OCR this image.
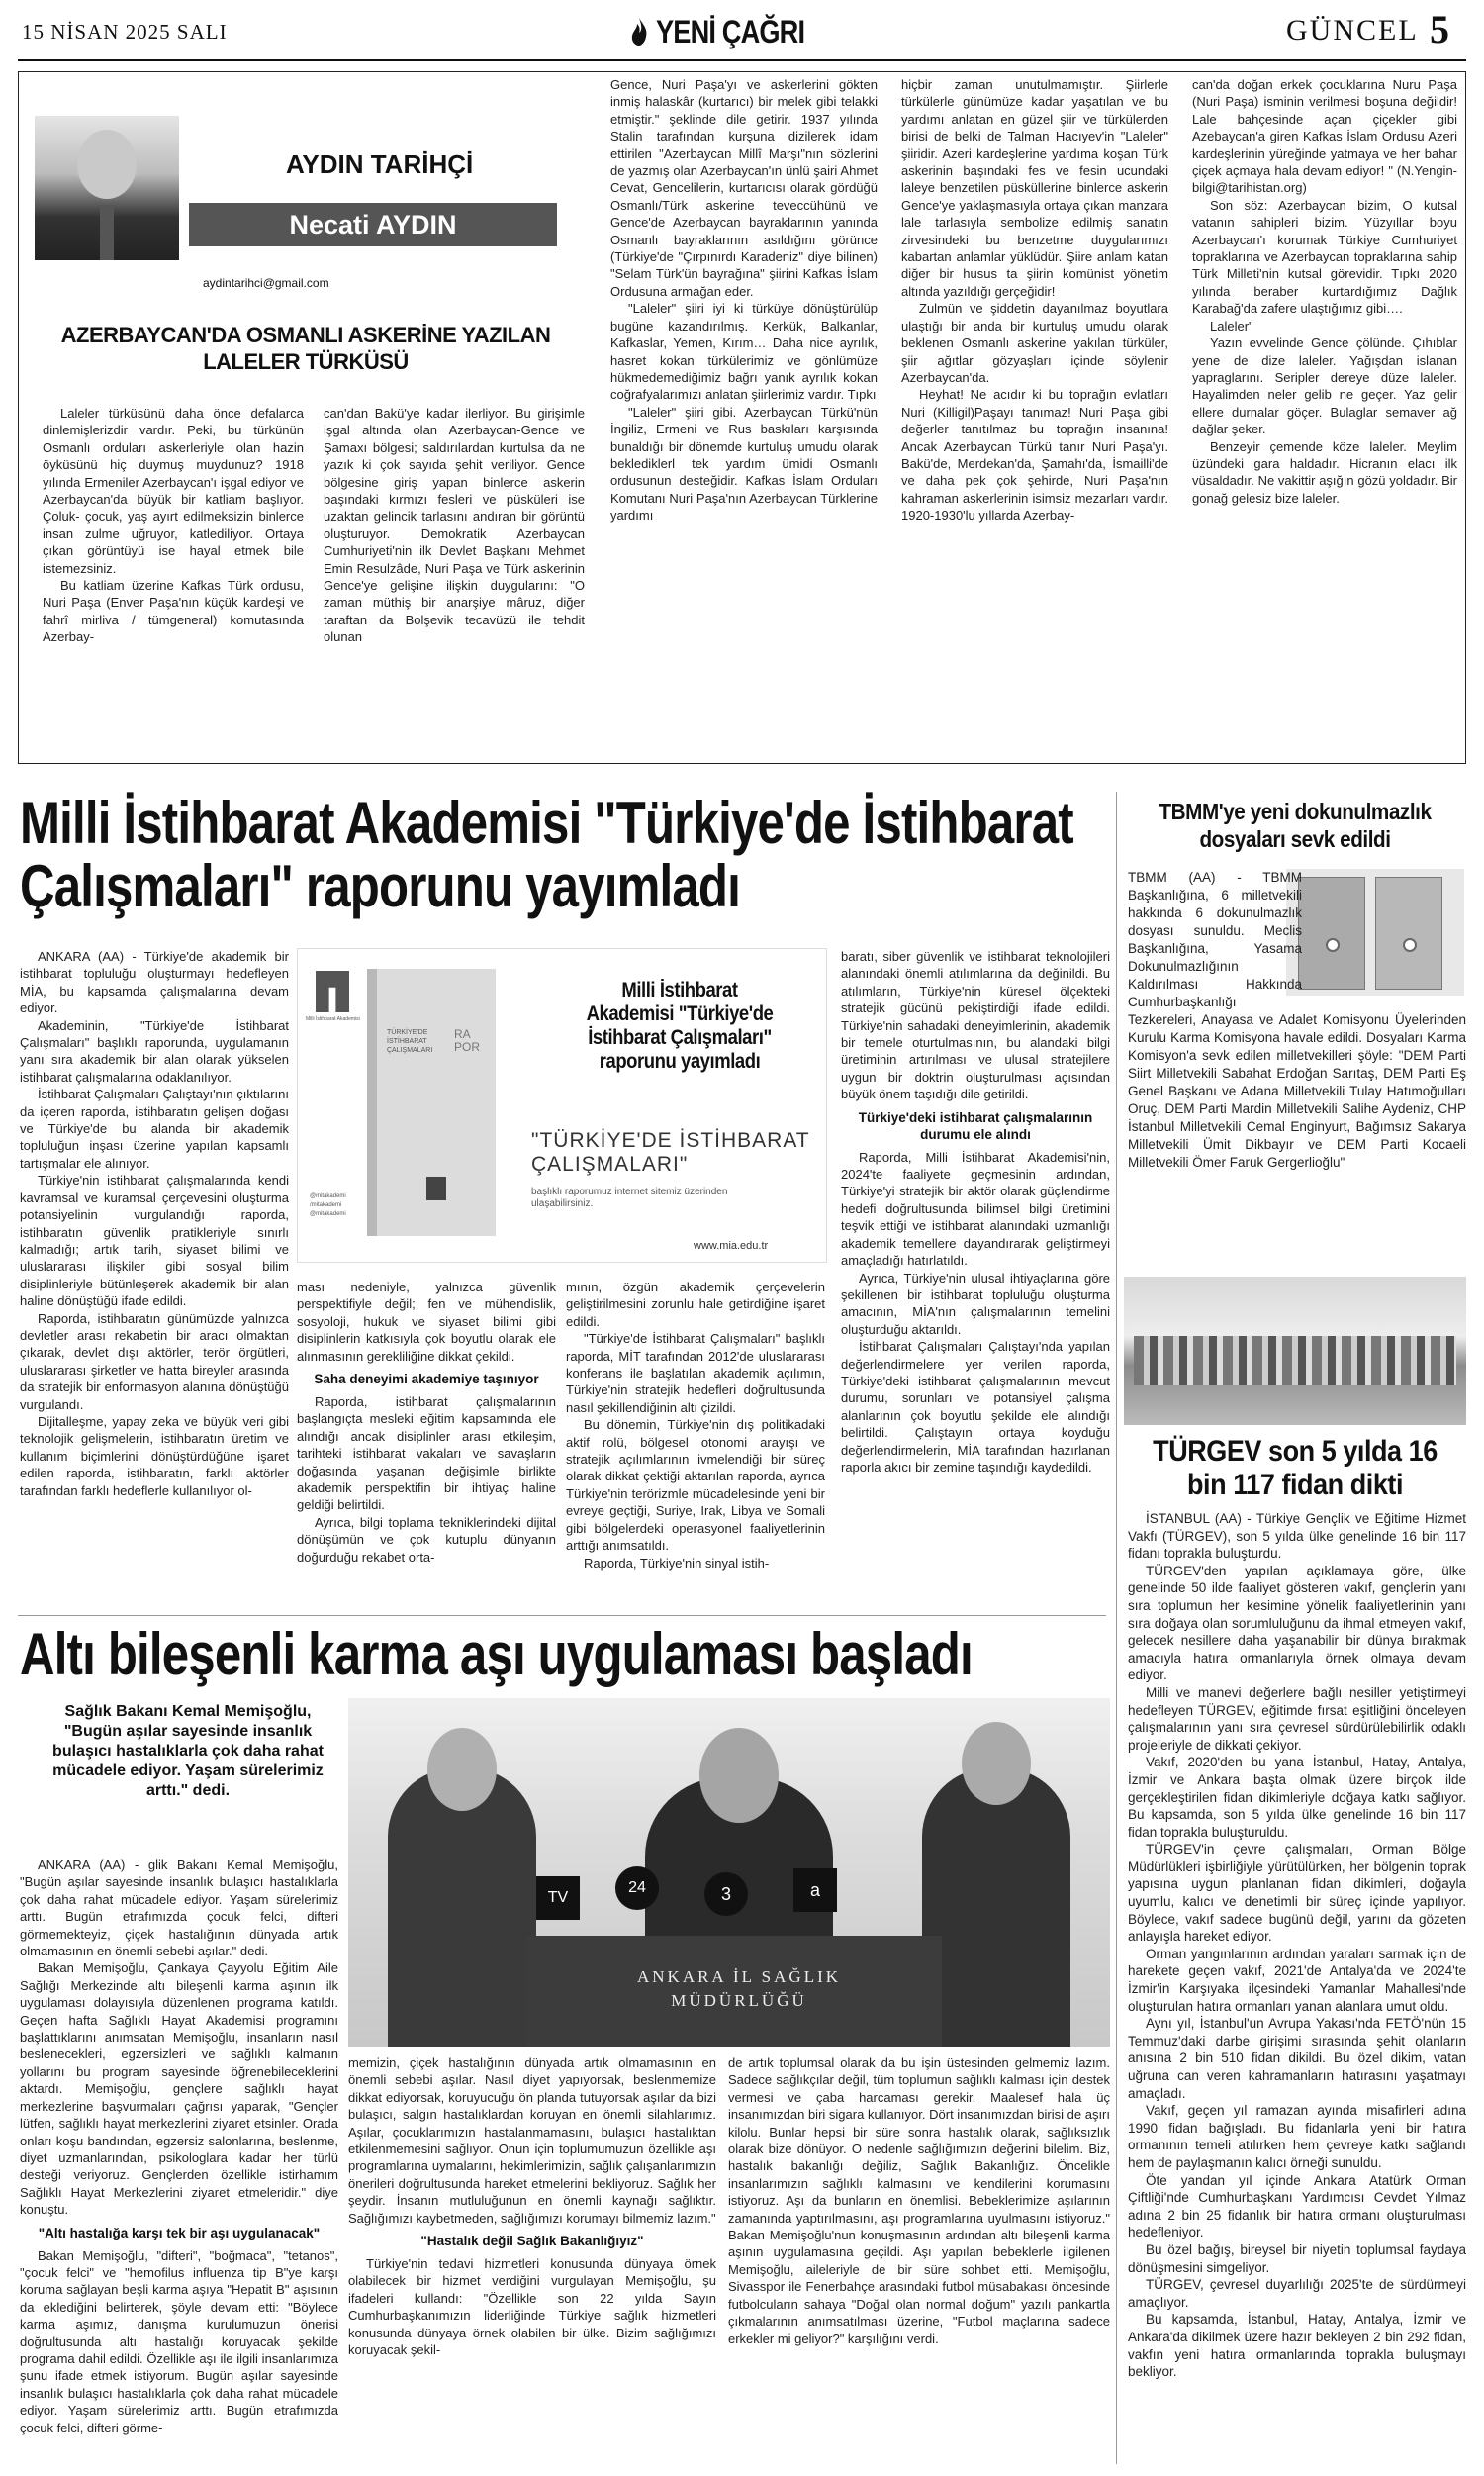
15 NİSAN 2025 SALI	YENİ ÇAĞRI	GÜNCEL 5
AYDIN TARİHÇİ
Necati AYDIN
aydintarihci@gmail.com
AZERBAYCAN'DA OSMANLI ASKERİNE YAZILAN LALELER TÜRKÜSÜ

Laleler türküsünü daha önce defalarca dinlemişlerizdir vardır. Peki, bu türkünün Osmanlı orduları askerleriyle olan hazin öyküsünü hiç duymuş muydunuz? 1918 yılında Ermeniler Azerbaycan'ı işgal ediyor ve Azerbaycan'da büyük bir katliam başlıyor. Çoluk- çocuk, yaş ayırt edilmeksizin binlerce insan zulme uğruyor, katlediliyor. Ortaya çıkan görüntüyü ise hayal etmek bile istemezsiniz.

Bu katliam üzerine Kafkas Türk ordusu, Nuri Paşa (Enver Paşa'nın küçük kardeşi ve fahrî mirliva / tümgeneral) komutasında Azerbay-

can'dan Bakü'ye kadar ilerliyor. Bu girişimle işgal altında olan Azerbaycan-Gence ve Şamaxı bölgesi; saldırılardan kurtulsa da ne yazık ki çok sayıda şehit veriliyor. Gence bölgesine giriş yapan binlerce askerin başındaki kırmızı fesleri ve püsküleri ise uzaktan gelincik tarlasını andıran bir görüntü oluşturuyor. Demokratik Azerbaycan Cumhuriyeti'nin ilk Devlet Başkanı Mehmet Emin Resulzâde, Nuri Paşa ve Türk askerinin Gence'ye gelişine ilişkin duygularını: "O zaman müthiş bir anarşiye mâruz, diğer taraftan da Bolşevik tecavüzü ile tehdit olunan

Gence, Nuri Paşa'yı ve askerlerini gökten inmiş halaskâr (kurtarıcı) bir melek gibi telakki etmiştir." şeklinde dile getirir. 1937 yılında Stalin tarafından kurşuna dizilerek idam ettirilen "Azerbaycan Millî Marşı"nın sözlerini de yazmış olan Azerbaycan'ın ünlü şairi Ahmet Cevat, Gencelilerin, kurtarıcısı olarak gördüğü Osmanlı/Türk askerine teveccühünü ve Gence'de Azerbaycan bayraklarının yanında Osmanlı bayraklarının asıldığını görünce (Türkiye'de "Çırpınırdı Karadeniz" diye bilinen) "Selam Türk'ün bayrağına" şiirini Kafkas İslam Ordusuna armağan eder.

"Laleler" şiiri iyi ki türküye dönüştürülüp bugüne kazandırılmış. Kerkük, Balkanlar, Kafkaslar, Yemen, Kırım… Daha nice ayrılık, hasret kokan türkülerimiz ve gönlümüze hükmedemediğimiz bağrı yanık ayrılık kokan coğrafyalarımızı anlatan şiirlerimiz vardır. Tıpkı

"Laleler" şiiri gibi. Azerbaycan Türkü'nün İngiliz, Ermeni ve Rus baskıları karşısında bunaldığı bir dönemde kurtuluş umudu olarak beklediklerl tek yardım ümidi Osmanlı ordusunun desteğidir. Kafkas İslam Orduları Komutanı Nuri Paşa'nın Azerbaycan Türklerine yardımı

hiçbir zaman unutulmamıştır. Şiirlerle türkülerle günümüze kadar yaşatılan ve bu yardımı anlatan en güzel şiir ve türkülerden birisi de belki de Talman Hacıyev'in "Laleler" şiiridir. Azeri kardeşlerine yardıma koşan Türk askerinin başındaki fes ve fesin ucundaki laleye benzetilen püsküllerine binlerce askerin Gence'ye yaklaşmasıyla ortaya çıkan manzara lale tarlasıyla sembolize edilmiş sanatın zirvesindeki bu benzetme duygularımızı kabartan anlamlar yüklüdür. Şiire anlam katan diğer bir husus ta şiirin komünist yönetim altında yazıldığı gerçeğidir!

Zulmün ve şiddetin dayanılmaz boyutlara ulaştığı bir anda bir kurtuluş umudu olarak beklenen Osmanlı askerine yakılan türküler, şiir ağıtlar gözyaşları içinde söylenir Azerbaycan'da.

Heyhat! Ne acıdır ki bu toprağın evlatları Nuri (Killigil)Paşayı tanımaz! Nuri Paşa gibi değerler tanıtılmaz bu toprağın insanına! Ancak Azerbaycan Türkü tanır Nuri Paşa'yı. Bakü'de, Merdekan'da, Şamahı'da, İsmailli'de ve daha pek çok şehirde, Nuri Paşa'nın kahraman askerlerinin isimsiz mezarları vardır. 1920-1930'lu yıllarda Azerbay-

can'da doğan erkek çocuklarına Nuru Paşa (Nuri Paşa) isminin verilmesi boşuna değildir! Lale bahçesinde açan çiçekler gibi Azebaycan'a giren Kafkas İslam Ordusu Azeri kardeşlerinin yüreğinde yatmaya ve her bahar çiçek açmaya hala devam ediyor! " (N.Yengin-bilgi@tarihistan.org)

Son söz: Azerbaycan bizim, O kutsal vatanın sahipleri bizim. Yüzyıllar boyu Azerbaycan'ı korumak Türkiye Cumhuriyet topraklarına ve Azerbaycan topraklarına sahip Türk Milleti'nin kutsal görevidir. Tıpkı 2020 yılında beraber kurtardığımız Dağlık Karabağ'da zafere ulaştığımız gibi….

Laleler"

Yazın evvelinde Gence çölünde. Çıhıblar yene de dize laleler. Yağışdan islanan yapraglarını. Seripler dereye düze laleler. Hayalimden neler gelib ne geçer. Yaz gelir ellere durnalar göçer. Bulaglar semaver ağ dağlar şeker.

Benzeyir çemende köze laleler. Meylim üzündeki gara haldadır. Hicranın elacı ilk vüsaldadır. Ne vakittir aşığın gözü yoldadır. Bir gonağ gelesiz bize laleler.

Milli İstihbarat Akademisi "Türkiye'de İstihbarat Çalışmaları" raporunu yayımladı

ANKARA (AA) - Türkiye'de akademik bir istihbarat topluluğu oluşturmayı hedefleyen MİA, bu kapsamda çalışmalarına devam ediyor.

Akademinin, "Türkiye'de İstihbarat Çalışmaları" başlıklı raporunda, uygulamanın yanı sıra akademik bir alan olarak yükselen istihbarat çalışmalarına odaklanılıyor.

İstihbarat Çalışmaları Çalıştayı'nın çıktılarını da içeren raporda, istihbaratın gelişen doğası ve Türkiye'de bu alanda bir akademik topluluğun inşası üzerine yapılan kapsamlı tartışmalar ele alınıyor.

Türkiye'nin istihbarat çalışmalarında kendi kavramsal ve kuramsal çerçevesini oluşturma potansiyelinin vurgulandığı raporda, istihbaratın güvenlik pratikleriyle sınırlı kalmadığı; artık tarih, siyaset bilimi ve uluslararası ilişkiler gibi sosyal bilim disiplinleriyle bütünleşerek akademik bir alan haline dönüştüğü ifade edildi.

Raporda, istihbaratın günümüzde yalnızca devletler arası rekabetin bir aracı olmaktan çıkarak, devlet dışı aktörler, terör örgütleri, uluslararası şirketler ve hatta bireyler arasında da stratejik bir enformasyon alanına dönüştüğü vurgulandı.

Dijitalleşme, yapay zeka ve büyük veri gibi teknolojik gelişmelerin, istihbaratın üretim ve kullanım biçimlerini dönüştürdüğüne işaret edilen raporda, istihbaratın, farklı aktörler tarafından farklı hedeflerle kullanılıyor ol-

TÜRKİYE'DE İSTİHBARAT ÇALIŞMALARI
RA POR
Milli İstihbarat Akademisi
@mitakademi
/mitakademi
@mitakademi
Milli İstihbarat Akademisi "Türkiye'de İstihbarat Çalışmaları" raporunu yayımladı
"TÜRKİYE'DE İSTİHBARAT ÇALIŞMALARI"
başlıklı raporumuz internet sitemiz üzerinden ulaşabilirsiniz.
www.mia.edu.tr

ması nedeniyle, yalnızca güvenlik perspektifiyle değil; fen ve mühendislik, sosyoloji, hukuk ve siyaset bilimi gibi disiplinlerin katkısıyla çok boyutlu olarak ele alınmasının gerekliliğine dikkat çekildi.

Saha deneyimi akademiye taşınıyor

Raporda, istihbarat çalışmalarının başlangıçta mesleki eğitim kapsamında ele alındığı ancak disiplinler arası etkileşim, tarihteki istihbarat vakaları ve savaşların doğasında yaşanan değişimle birlikte akademik perspektifin bir ihtiyaç haline geldiği belirtildi.

Ayrıca, bilgi toplama tekniklerindeki dijital dönüşümün ve çok kutuplu dünyanın doğurduğu rekabet orta-

mının, özgün akademik çerçevelerin geliştirilmesini zorunlu hale getirdiğine işaret edildi.

"Türkiye'de İstihbarat Çalışmaları" başlıklı raporda, MİT tarafından 2012'de uluslararası konferans ile başlatılan akademik açılımın, Türkiye'nin stratejik hedefleri doğrultusunda nasıl şekillendiğinin altı çizildi.

Bu dönemin, Türkiye'nin dış politikadaki aktif rolü, bölgesel otonomi arayışı ve stratejik açılımlarının ivmelendiği bir süreç olarak dikkat çektiği aktarılan raporda, ayrıca Türkiye'nin terörizmle mücadelesinde yeni bir evreye geçtiği, Suriye, Irak, Libya ve Somali gibi bölgelerdeki operasyonel faaliyetlerinin arttığı anımsatıldı.

Raporda, Türkiye'nin sinyal istih-

baratı, siber güvenlik ve istihbarat teknolojileri alanındaki önemli atılımlarına da değinildi. Bu atılımların, Türkiye'nin küresel ölçekteki stratejik gücünü pekiştirdiği ifade edildi. Türkiye'nin sahadaki deneyimlerinin, akademik bir temele oturtulmasının, bu alandaki bilgi üretiminin artırılması ve ulusal stratejilere uygun bir doktrin oluşturulması açısından büyük önem taşıdığı dile getirildi.

Türkiye'deki istihbarat çalışmalarının durumu ele alındı

Raporda, Milli İstihbarat Akademisi'nin, 2024'te faaliyete geçmesinin ardından, Türkiye'yi stratejik bir aktör olarak güçlendirme hedefi doğrultusunda bilimsel bilgi üretimini teşvik ettiği ve istihbarat alanındaki uzmanlığı akademik temellere dayandırarak geliştirmeyi amaçladığı hatırlatıldı.

Ayrıca, Türkiye'nin ulusal ihtiyaçlarına göre şekillenen bir istihbarat topluluğu oluşturma amacının, MİA'nın çalışmalarının temelini oluşturduğu aktarıldı.

İstihbarat Çalışmaları Çalıştayı'nda yapılan değerlendirmelere yer verilen raporda, Türkiye'deki istihbarat çalışmalarının mevcut durumu, sorunları ve potansiyel çalışma alanlarının çok boyutlu şekilde ele alındığı belirtildi. Çalıştayın ortaya koyduğu değerlendirmelerin, MİA tarafından hazırlanan raporla akıcı bir zemine taşındığı kaydedildi.

TBMM'ye yeni dokunulmazlık dosyaları sevk edildi
TBMM (AA) - TBMM Başkanlığına, 6 milletvekili hakkında 6 dokunulmazlık dosyası sunuldu. Meclis Başkanlığına, Yasama Dokunulmazlığının Kaldırılması Hakkında Cumhurbaşkanlığı Tezkereleri, Anayasa ve Adalet Komisyonu Üyelerinden Kurulu Karma Komisyona havale edildi. Dosyaları Karma Komisyon'a sevk edilen milletvekilleri şöyle: "DEM Parti Siirt Milletvekili Sabahat Erdoğan Sarıtaş, DEM Parti Eş Genel Başkanı ve Adana Milletvekili Tulay Hatımoğulları Oruç, DEM Parti Mardin Milletvekili Salihe Aydeniz, CHP İstanbul Milletvekili Cemal Enginyurt, Bağımsız Sakarya Milletvekili Ümit Dikbayır ve DEM Parti Kocaeli Milletvekili Ömer Faruk Gergerlioğlu"
TÜRGEV son 5 yılda 16 bin 117 fidan dikti

İSTANBUL (AA) - Türkiye Gençlik ve Eğitime Hizmet Vakfı (TÜRGEV), son 5 yılda ülke genelinde 16 bin 117 fidanı toprakla buluşturdu.

TÜRGEV'den yapılan açıklamaya göre, ülke genelinde 50 ilde faaliyet gösteren vakıf, gençlerin yanı sıra toplumun her kesimine yönelik faaliyetlerinin yanı sıra doğaya olan sorumluluğunu da ihmal etmeyen vakıf, gelecek nesillere daha yaşanabilir bir dünya bırakmak amacıyla hatıra ormanlarıyla örnek olmaya devam ediyor.

Milli ve manevi değerlere bağlı nesiller yetiştirmeyi hedefleyen TÜRGEV, eğitimde fırsat eşitliğini önceleyen çalışmalarının yanı sıra çevresel sürdürülebilirlik odaklı projeleriyle de dikkati çekiyor.

Vakıf, 2020'den bu yana İstanbul, Hatay, Antalya, İzmir ve Ankara başta olmak üzere birçok ilde gerçekleştirilen fidan dikimleriyle doğaya katkı sağlıyor. Bu kapsamda, son 5 yılda ülke genelinde 16 bin 117 fidan toprakla buluşturuldu.

TÜRGEV'in çevre çalışmaları, Orman Bölge Müdürlükleri işbirliğiyle yürütülürken, her bölgenin toprak yapısına uygun planlanan fidan dikimleri, doğayla uyumlu, kalıcı ve denetimli bir süreç içinde yapılıyor. Böylece, vakıf sadece bugünü değil, yarını da gözeten anlayışla hareket ediyor.

Orman yangınlarının ardından yaraları sarmak için de harekete geçen vakıf, 2021'de Antalya'da ve 2024'te İzmir'in Karşıyaka ilçesindeki Yamanlar Mahallesi'nde oluşturulan hatıra ormanları yanan alanlara umut oldu.

Aynı yıl, İstanbul'un Avrupa Yakası'nda FETÖ'nün 15 Temmuz'daki darbe girişimi sırasında şehit olanların anısına 2 bin 510 fidan dikildi. Bu özel dikim, vatan uğruna can veren kahramanların hatırasını yaşatmayı amaçladı.

Vakıf, geçen yıl ramazan ayında misafirleri adına 1990 fidan bağışladı. Bu fidanlarla yeni bir hatıra ormanının temeli atılırken hem çevreye katkı sağlandı hem de paylaşmanın kalıcı örneği sunuldu.

Öte yandan yıl içinde Ankara Atatürk Orman Çiftliği'nde Cumhurbaşkanı Yardımcısı Cevdet Yılmaz adına 2 bin 25 fidanlık bir hatıra ormanı oluşturulması hedefleniyor.

Bu özel bağış, bireysel bir niyetin toplumsal faydaya dönüşmesini simgeliyor.

TÜRGEV, çevresel duyarlılığı 2025'te de sürdürmeyi amaçlıyor.

Bu kapsamda, İstanbul, Hatay, Antalya, İzmir ve Ankara'da dikilmek üzere hazır bekleyen 2 bin 292 fidan, vakfın yeni hatıra ormanlarında toprakla buluşmayı bekliyor.

Altı bileşenli karma aşı uygulaması başladı
Sağlık Bakanı Kemal Memişoğlu, "Bugün aşılar sayesinde insanlık bulaşıcı hastalıklarla çok daha rahat mücadele ediyor. Yaşam sürelerimiz arttı." dedi.
TV
24	3	a
ANKARA İL SAĞLIK MÜDÜRLÜĞÜ

ANKARA (AA) - glik Bakanı Kemal Memişoğlu, "Bugün aşılar sayesinde insanlık bulaşıcı hastalıklarla çok daha rahat mücadele ediyor. Yaşam sürelerimiz arttı. Bugün etrafımızda çocuk felci, difteri görmemekteyiz, çiçek hastalığının dünyada artık olmamasının en önemli sebebi aşılar." dedi.

Bakan Memişoğlu, Çankaya Çayyolu Eğitim Aile Sağlığı Merkezinde altı bileşenli karma aşının ilk uygulaması dolayısıyla düzenlenen programa katıldı. Geçen hafta Sağlıklı Hayat Akademisi programını başlattıklarını anımsatan Memişoğlu, insanların nasıl beslenecekleri, egzersizleri ve sağlıklı kalmanın yollarını bu program sayesinde öğrenebileceklerini aktardı. Memişoğlu, gençlere sağlıklı hayat merkezlerine başvurmaları çağrısı yaparak, "Gençler lütfen, sağlıklı hayat merkezlerini ziyaret etsinler. Orada onları koşu bandından, egzersiz salonlarına, beslenme, diyet uzmanlarından, psikologlara kadar her türlü desteği veriyoruz. Gençlerden özellikle istirhamım Sağlıklı Hayat Merkezlerini ziyaret etmeleridir." diye konuştu.

"Altı hastalığa karşı tek bir aşı uygulanacak"

Bakan Memişoğlu, "difteri", "boğmaca", "tetanos", "çocuk felci" ve "hemofilus influenza tip B"ye karşı koruma sağlayan beşli karma aşıya "Hepatit B" aşısının da eklediğini belirterek, şöyle devam etti: "Böylece karma aşımız, danışma kurulumuzun önerisi doğrultusunda altı hastalığı koruyacak şekilde programa dahil edildi. Özellikle aşı ile ilgili insanlarımıza şunu ifade etmek istiyorum. Bugün aşılar sayesinde insanlık bulaşıcı hastalıklarla çok daha rahat mücadele ediyor. Yaşam sürelerimiz arttı. Bugün etrafımızda çocuk felci, difteri görme-

memizin, çiçek hastalığının dünyada artık olmamasının en önemli sebebi aşılar. Nasıl diyet yapıyorsak, beslenmemize dikkat ediyorsak, koruyucuğu ön planda tutuyorsak aşılar da bizi bulaşıcı, salgın hastalıklardan koruyan en önemli silahlarımız. Aşılar, çocuklarımızın hastalanmamasını, bulaşıcı hastalıktan etkilenmemesini sağlıyor. Onun için toplumumuzun özellikle aşı programlarına uymalarını, hekimlerimizin, sağlık çalışanlarımızın önerileri doğrultusunda hareket etmelerini bekliyoruz. Sağlık her şeydir. İnsanın mutluluğunun en önemli kaynağı sağlıktır. Sağlığımızı kaybetmeden, sağlığımızı korumayı bilmemiz lazım."

"Hastalık değil Sağlık Bakanlığıyız"

Türkiye'nin tedavi hizmetleri konusunda dünyaya örnek olabilecek bir hizmet verdiğini vurgulayan Memişoğlu, şu ifadeleri kullandı: "Özellikle son 22 yılda Sayın Cumhurbaşkanımızın liderliğinde Türkiye sağlık hizmetleri konusunda dünyaya örnek olabilen bir ülke. Bizim sağlığımızı koruyacak şekil-

de artık toplumsal olarak da bu işin üstesinden gelmemiz lazım. Sadece sağlıkçılar değil, tüm toplumun sağlıklı kalması için destek vermesi ve çaba harcaması gerekir. Maalesef hala üç insanımızdan biri sigara kullanıyor. Dört insanımızdan birisi de aşırı kilolu. Bunlar hepsi bir süre sonra hastalık olarak, sağlıksızlık olarak bize dönüyor. O nedenle sağlığımızın değerini bilelim. Biz, hastalık bakanlığı değiliz, Sağlık Bakanlığız. Öncelikle insanlarımızın sağlıklı kalmasını ve kendilerini korumasını istiyoruz. Aşı da bunların en önemlisi. Bebeklerimize aşılarının zamanında yaptırılmasını, aşı programlarına uyulmasını istiyoruz." Bakan Memişoğlu'nun konuşmasının ardından altı bileşenli karma aşının uygulamasına geçildi. Aşı yapılan bebeklerle ilgilenen Memişoğlu, aileleriyle de bir süre sohbet etti. Memişoğlu, Sivasspor ile Fenerbahçe arasındaki futbol müsabakası öncesinde futbolcuların sahaya "Doğal olan normal doğum" yazılı pankartla çıkmalarının anımsatılması üzerine, "Futbol maçlarına sadece erkekler mi geliyor?" karşılığını verdi.
